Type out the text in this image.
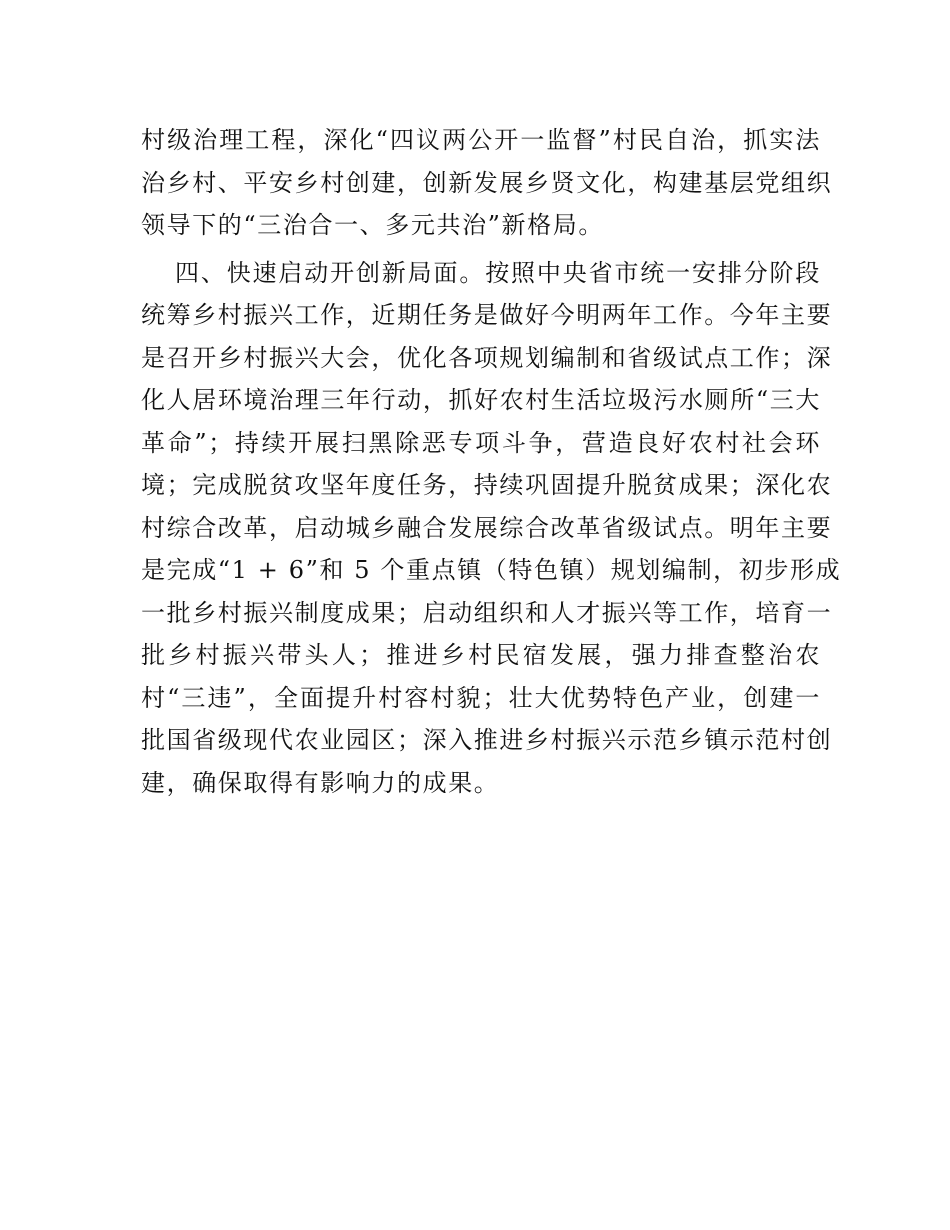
村级治理工程，深化“四议两公开一监督”村民自治，抓实法
治乡村、平安乡村创建，创新发展乡贤文化，构建基层党组织
领导下的“三治合一、多元共治”新格局。
四、快速启动开创新局面。按照中央省市统一安排分阶段
统筹乡村振兴工作，近期任务是做好今明两年工作。今年主要
是召开乡村振兴大会，优化各项规划编制和省级试点工作；深
化人居环境治理三年行动，抓好农村生活垃圾污水厕所“三大
革命”；持续开展扫黑除恶专项斗争，营造良好农村社会环
境；完成脱贫攻坚年度任务，持续巩固提升脱贫成果；深化农
村综合改革，启动城乡融合发展综合改革省级试点。明年主要
是完成“1 + 6”和 5 个重点镇（特色镇）规划编制，初步形成
一批乡村振兴制度成果；启动组织和人才振兴等工作，培育一
批乡村振兴带头人；推进乡村民宿发展，强力排查整治农
村“三违”，全面提升村容村貌；壮大优势特色产业，创建一
批国省级现代农业园区；深入推进乡村振兴示范乡镇示范村创
建，确保取得有影响力的成果。
